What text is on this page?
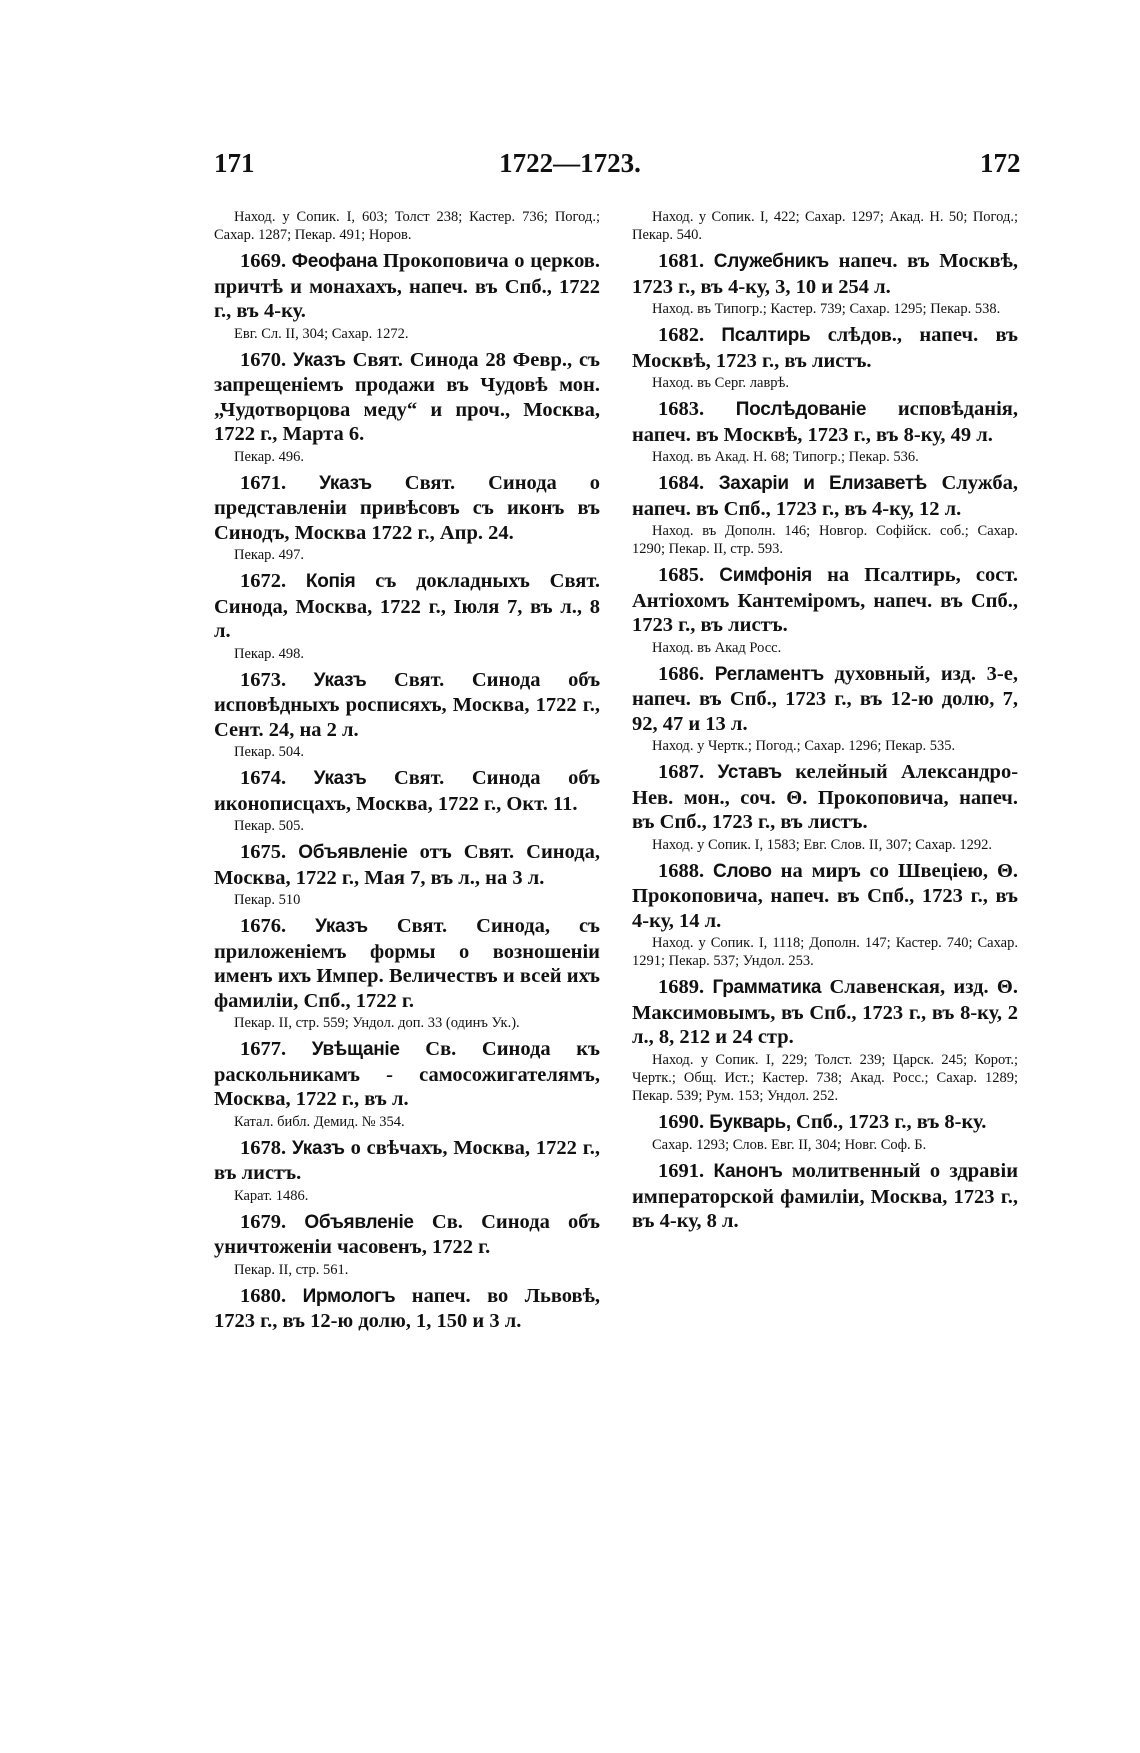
171	1722—1723.	172
Наход. у Сопик. I, 603; Толст 238; Кастер. 736; Погод.; Сахар. 1287; Пекар. 491; Норов.
1669. Феофана Прокоповича о церков. причтѣ и монахахъ, напеч. въ Спб., 1722 г., въ 4-ку.
Евг. Сл. II, 304; Сахар. 1272.
1670. Указъ Свят. Синода 28 Февр., съ запрещеніемъ продажи въ Чудовѣ мон. „Чудотворцова меду“ и проч., Москва, 1722 г., Марта 6.
Пекар. 496.
1671. Указъ Свят. Синода о представленіи привѣсовъ съ иконъ въ Синодъ, Москва 1722 г., Апр. 24.
Пекар. 497.
1672. Копія съ докладныхъ Свят. Синода, Москва, 1722 г., Іюля 7, въ л., 8 л.
Пекар. 498.
1673. Указъ Свят. Синода объ исповѣдныхъ росписяхъ, Москва, 1722 г., Сент. 24, на 2 л.
Пекар. 504.
1674. Указъ Свят. Синода объ иконописцахъ, Москва, 1722 г., Окт. 11.
Пекар. 505.
1675. Объявленіе отъ Свят. Синода, Москва, 1722 г., Мая 7, въ л., на 3 л.
Пекар. 510
1676. Указъ Свят. Синода, съ приложеніемъ формы о возношеніи именъ ихъ Импер. Величествъ и всей ихъ фамиліи, Спб., 1722 г.
Пекар. II, стр. 559; Ундол. доп. 33 (одинъ Ук.).
1677. Увѣщаніе Св. Синода къ раскольникамъ - самосожигателямъ, Москва, 1722 г., въ л.
Катал. библ. Демид. № 354.
1678. Указъ о свѣчахъ, Москва, 1722 г., въ листъ.
Карат. 1486.
1679. Объявленіе Св. Синода объ уничтоженіи часовенъ, 1722 г.
Пекар. II, стр. 561.
1680. Ирмологъ напеч. во Львовѣ, 1723 г., въ 12-ю долю, 1, 150 и 3 л.
Наход. у Сопик. I, 422; Сахар. 1297; Акад. Н. 50; Погод.; Пекар. 540.
1681. Служебникъ напеч. въ Москвѣ, 1723 г., въ 4-ку, 3, 10 и 254 л.
Наход. въ Типогр.; Кастер. 739; Сахар. 1295; Пекар. 538.
1682. Псалтирь слѣдов., напеч. въ Москвѣ, 1723 г., въ листъ.
Наход. въ Серг. лаврѣ.
1683. Послѣдованіе исповѣданія, напеч. въ Москвѣ, 1723 г., въ 8-ку, 49 л.
Наход. въ Акад. Н. 68; Типогр.; Пекар. 536.
1684. Захаріи и Елизаветѣ Служба, напеч. въ Спб., 1723 г., въ 4-ку, 12 л.
Наход. въ Дополн. 146; Новгор. Софійск. соб.; Сахар. 1290; Пекар. II, стр. 593.
1685. Симфонія на Псалтирь, сост. Антіохомъ Кантеміромъ, напеч. въ Спб., 1723 г., въ листъ.
Наход. въ Акад Росс.
1686. Регламентъ духовный, изд. 3-е, напеч. въ Спб., 1723 г., въ 12-ю долю, 7, 92, 47 и 13 л.
Наход. у Чертк.; Погод.; Сахар. 1296; Пекар. 535.
1687. Уставъ келейный Александро-Нев. мон., соч. Θ. Прокоповича, напеч. въ Спб., 1723 г., въ листъ.
Наход. у Сопик. I, 1583; Евг. Слов. II, 307; Сахар. 1292.
1688. Слово на миръ со Швеціею, Θ. Прокоповича, напеч. въ Спб., 1723 г., въ 4-ку, 14 л.
Наход. у Сопик. I, 1118; Дополн. 147; Кастер. 740; Сахар. 1291; Пекар. 537; Ундол. 253.
1689. Грамматика Славенская, изд. Θ. Максимовымъ, въ Спб., 1723 г., въ 8-ку, 2 л., 8, 212 и 24 стр.
Наход. у Сопик. I, 229; Толст. 239; Царск. 245; Корот.; Чертк.; Общ. Ист.; Кастер. 738; Акад. Росс.; Сахар. 1289; Пекар. 539; Рум. 153; Ундол. 252.
1690. Букварь, Спб., 1723 г., въ 8-ку.
Сахар. 1293; Слов. Евг. II, 304; Новг. Соф. Б.
1691. Канонъ молитвенный о здравіи императорской фамиліи, Москва, 1723 г., въ 4-ку, 8 л.
